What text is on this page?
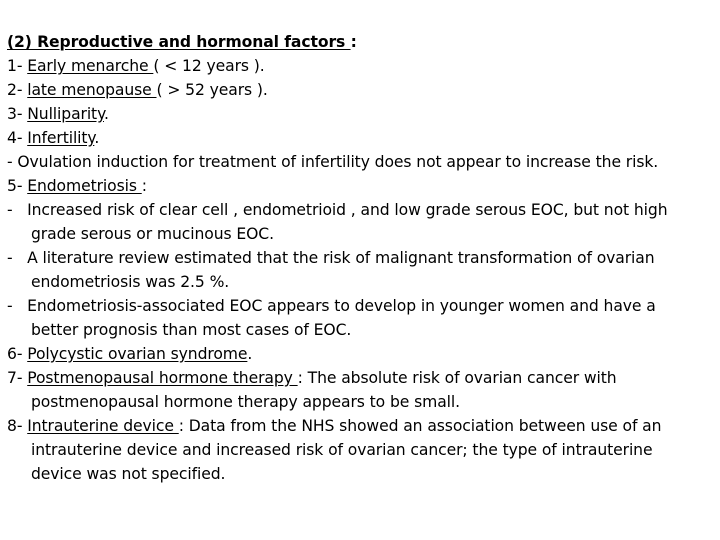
(2) Reproductive and hormonal factors :
1- Early menarche ( < 12 years ).
2- late menopause ( > 52 years ).
3- Nulliparity.
4- Infertility.
- Ovulation induction for treatment of infertility does not appear to increase the risk.
5- Endometriosis :
-   Increased risk of clear cell , endometrioid , and low grade serous EOC, but not high
grade serous or mucinous EOC.
-   A literature review estimated that the risk of malignant transformation of ovarian
endometriosis was 2.5 %.
-   Endometriosis-associated EOC appears to develop in younger women and have a
better prognosis than most cases of EOC.
6- Polycystic ovarian syndrome.
7- Postmenopausal hormone therapy : The absolute risk of ovarian cancer with
postmenopausal hormone therapy appears to be small.
8- Intrauterine device : Data from the NHS showed an association between use of an
intrauterine device and increased risk of ovarian cancer; the type of intrauterine
device was not specified.
